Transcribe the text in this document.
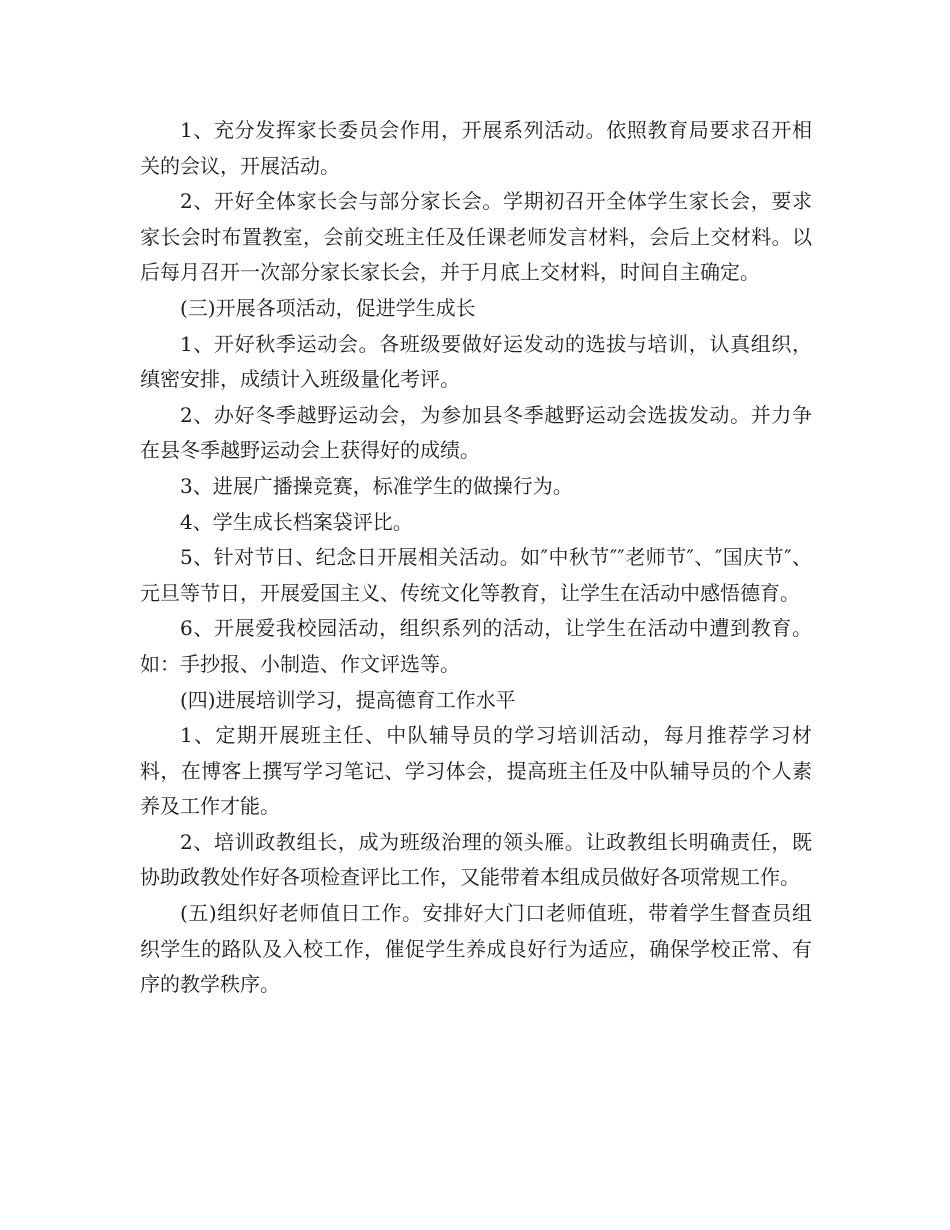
1、充分发挥家长委员会作用，开展系列活动。依照教育局要求召开相关的会议，开展活动。

2、开好全体家长会与部分家长会。学期初召开全体学生家长会，要求家长会时布置教室，会前交班主任及任课老师发言材料，会后上交材料。以后每月召开一次部分家长家长会，并于月底上交材料，时间自主确定。

(三)开展各项活动，促进学生成长

1、开好秋季运动会。各班级要做好运发动的选拔与培训，认真组织，缜密安排，成绩计入班级量化考评。

2、办好冬季越野运动会，为参加县冬季越野运动会选拔发动。并力争在县冬季越野运动会上获得好的成绩。

3、进展广播操竞赛，标准学生的做操行为。

4、学生成长档案袋评比。

5、针对节日、纪念日开展相关活动。如″中秋节″″老师节″、″国庆节″、元旦等节日，开展爱国主义、传统文化等教育，让学生在活动中感悟德育。

6、开展爱我校园活动，组织系列的活动，让学生在活动中遭到教育。如：手抄报、小制造、作文评选等。

(四)进展培训学习，提高德育工作水平

1、定期开展班主任、中队辅导员的学习培训活动，每月推荐学习材料，在博客上撰写学习笔记、学习体会，提高班主任及中队辅导员的个人素养及工作才能。

2、培训政教组长，成为班级治理的领头雁。让政教组长明确责任，既协助政教处作好各项检查评比工作，又能带着本组成员做好各项常规工作。

(五)组织好老师值日工作。安排好大门口老师值班，带着学生督查员组织学生的路队及入校工作，催促学生养成良好行为适应，确保学校正常、有序的教学秩序。
